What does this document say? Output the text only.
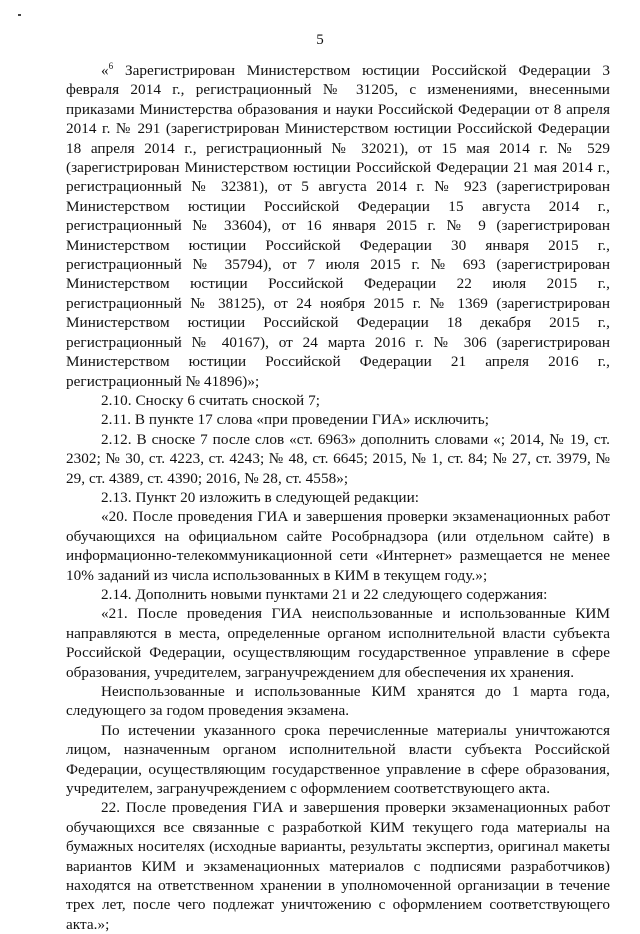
5

«$^6$ Зарегистрирован Министерством юстиции Российской Федерации 3 февраля 2014 г., регистрационный № 31205, с изменениями, внесенными приказами Министерства образования и науки Российской Федерации от 8 апреля 2014 г. № 291 (зарегистрирован Министерством юстиции Российской Федерации 18 апреля 2014 г., регистрационный № 32021), от 15 мая 2014 г. № 529 (зарегистрирован Министерством юстиции Российской Федерации 21 мая 2014 г., регистрационный № 32381), от 5 августа 2014 г. № 923 (зарегистрирован Министерством юстиции Российской Федерации 15 августа 2014 г., регистрационный № 33604), от 16 января 2015 г. № 9 (зарегистрирован Министерством юстиции Российской Федерации 30 января 2015 г., регистрационный № 35794), от 7 июля 2015 г. № 693 (зарегистрирован Министерством юстиции Российской Федерации 22 июля 2015 г., регистрационный № 38125), от 24 ноября 2015 г. № 1369 (зарегистрирован Министерством юстиции Российской Федерации 18 декабря 2015 г., регистрационный № 40167), от 24 марта 2016 г. № 306 (зарегистрирован Министерством юстиции Российской Федерации 21 апреля 2016 г., регистрационный № 41896)»;

2.10. Сноску 6 считать сноской 7;

2.11. В пункте 17 слова «при проведении ГИА» исключить;

2.12. В сноске 7 после слов «ст. 6963» дополнить словами «; 2014, № 19, ст. 2302; № 30, ст. 4223, ст. 4243; № 48, ст. 6645; 2015, № 1, ст. 84; № 27, ст. 3979, № 29, ст. 4389, ст. 4390; 2016, № 28, ст. 4558»;

2.13. Пункт 20 изложить в следующей редакции:

«20. После проведения ГИА и завершения проверки экзаменационных работ обучающихся на официальном сайте Рособрнадзора (или отдельном сайте) в информационно-телекоммуникационной сети «Интернет» размещается не менее 10% заданий из числа использованных в КИМ в текущем году.»;

2.14. Дополнить новыми пунктами 21 и 22 следующего содержания:

«21. После проведения ГИА неиспользованные и использованные КИМ направляются в места, определенные органом исполнительной власти субъекта Российской Федерации, осуществляющим государственное управление в сфере образования, учредителем, загранучреждением для обеспечения их хранения.

Неиспользованные и использованные КИМ хранятся до 1 марта года, следующего за годом проведения экзамена.

По истечении указанного срока перечисленные материалы уничтожаются лицом, назначенным органом исполнительной власти субъекта Российской Федерации, осуществляющим государственное управление в сфере образования, учредителем, загранучреждением с оформлением соответствующего акта.

22. После проведения ГИА и завершения проверки экзаменационных работ обучающихся все связанные с разработкой КИМ текущего года материалы на бумажных носителях (исходные варианты, результаты экспертиз, оригинал макеты вариантов КИМ и экзаменационных материалов с подписями разработчиков) находятся на ответственном хранении в уполномоченной организации в течение трех лет, после чего подлежат уничтожению с оформлением соответствующего акта.»;
